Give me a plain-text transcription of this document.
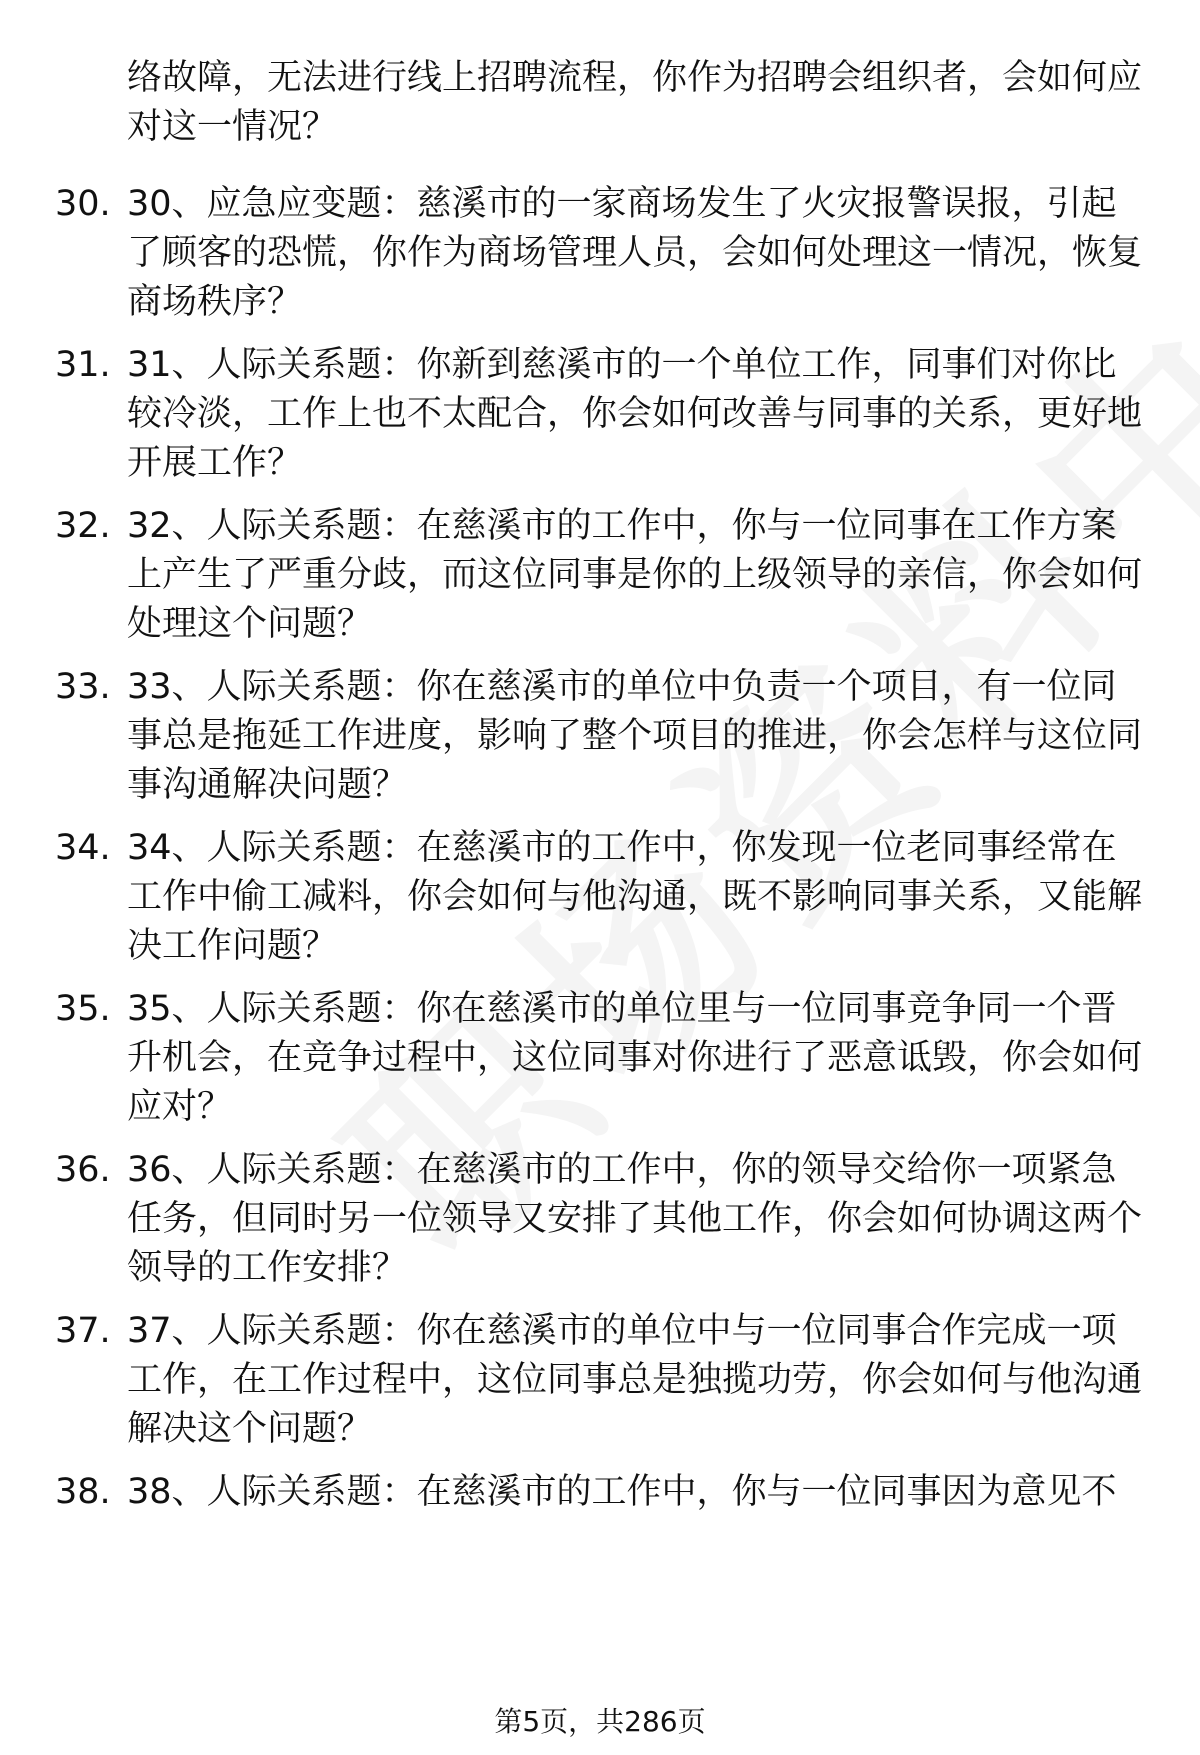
络故障，无法进行线上招聘流程，你作为招聘会组织者，会如何应对这一情况？
30. 30、应急应变题：慈溪市的一家商场发生了火灾报警误报，引起了顾客的恐慌，你作为商场管理人员，会如何处理这一情况，恢复商场秩序？
31. 31、人际关系题：你新到慈溪市的一个单位工作，同事们对你比较冷淡，工作上也不太配合，你会如何改善与同事的关系，更好地开展工作？
32. 32、人际关系题：在慈溪市的工作中，你与一位同事在工作方案上产生了严重分歧，而这位同事是你的上级领导的亲信，你会如何处理这个问题？
33. 33、人际关系题：你在慈溪市的单位中负责一个项目，有一位同事总是拖延工作进度，影响了整个项目的推进，你会怎样与这位同事沟通解决问题？
34. 34、人际关系题：在慈溪市的工作中，你发现一位老同事经常在工作中偷工减料，你会如何与他沟通，既不影响同事关系，又能解决工作问题？
35. 35、人际关系题：你在慈溪市的单位里与一位同事竞争同一个晋升机会，在竞争过程中，这位同事对你进行了恶意诋毁，你会如何应对？
36. 36、人际关系题：在慈溪市的工作中，你的领导交给你一项紧急任务，但同时另一位领导又安排了其他工作，你会如何协调这两个领导的工作安排？
37. 37、人际关系题：你在慈溪市的单位中与一位同事合作完成一项工作，在工作过程中，这位同事总是独揽功劳，你会如何与他沟通解决这个问题？
38. 38、人际关系题：在慈溪市的工作中，你与一位同事因为意见不
第5页，共286页
